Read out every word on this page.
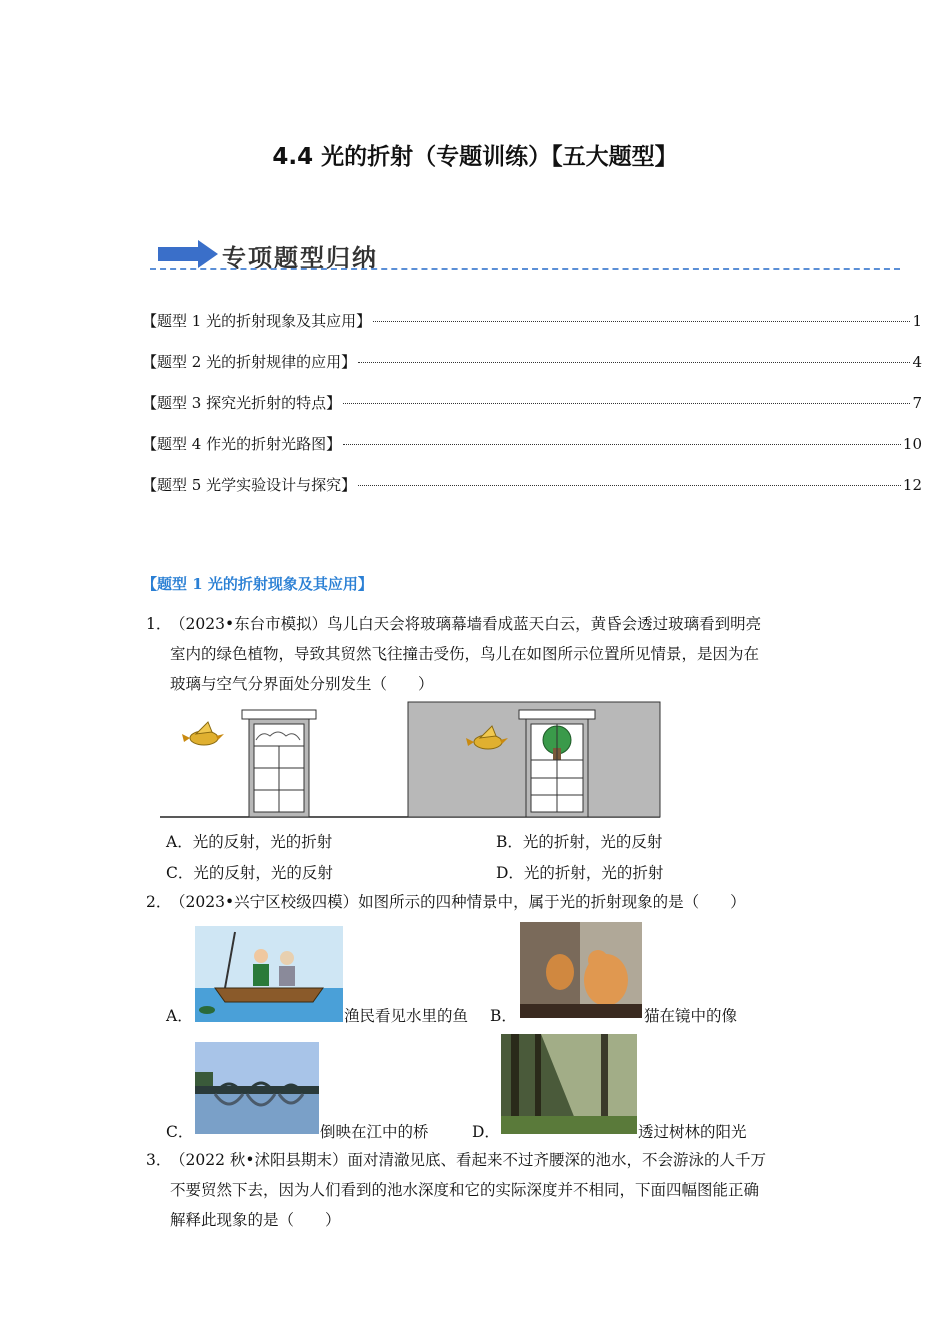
4.4 光的折射（专题训练）【五大题型】
专项题型归纳
【题型 1 光的折射现象及其应用】	1
【题型 2 光的折射规律的应用】	4
【题型 3 探究光折射的特点】	7
【题型 4 作光的折射光路图】	10
【题型 5 光学实验设计与探究】	12
【题型 1 光的折射现象及其应用】
1．（2023•东台市模拟）鸟儿白天会将玻璃幕墙看成蓝天白云，黄昏会透过玻璃看到明亮
室内的绿色植物，导致其贸然飞往撞击受伤，鸟儿在如图所示位置所见情景，是因为在
玻璃与空气分界面处分别发生（　　）
A．光的反射，光的折射	B．光的折射，光的反射
C．光的反射，光的反射	D．光的折射，光的折射
2．（2023•兴宁区校级四模）如图所示的四种情景中，属于光的折射现象的是（　　）
A．	渔民看见水里的鱼 B．	猫在镜中的像
C．	倒映在江中的桥	D．	透过树林的阳光
3．（2022 秋•沭阳县期末）面对清澈见底、看起来不过齐腰深的池水，不会游泳的人千万
不要贸然下去，因为人们看到的池水深度和它的实际深度并不相同，下面四幅图能正确
解释此现象的是（　　）
